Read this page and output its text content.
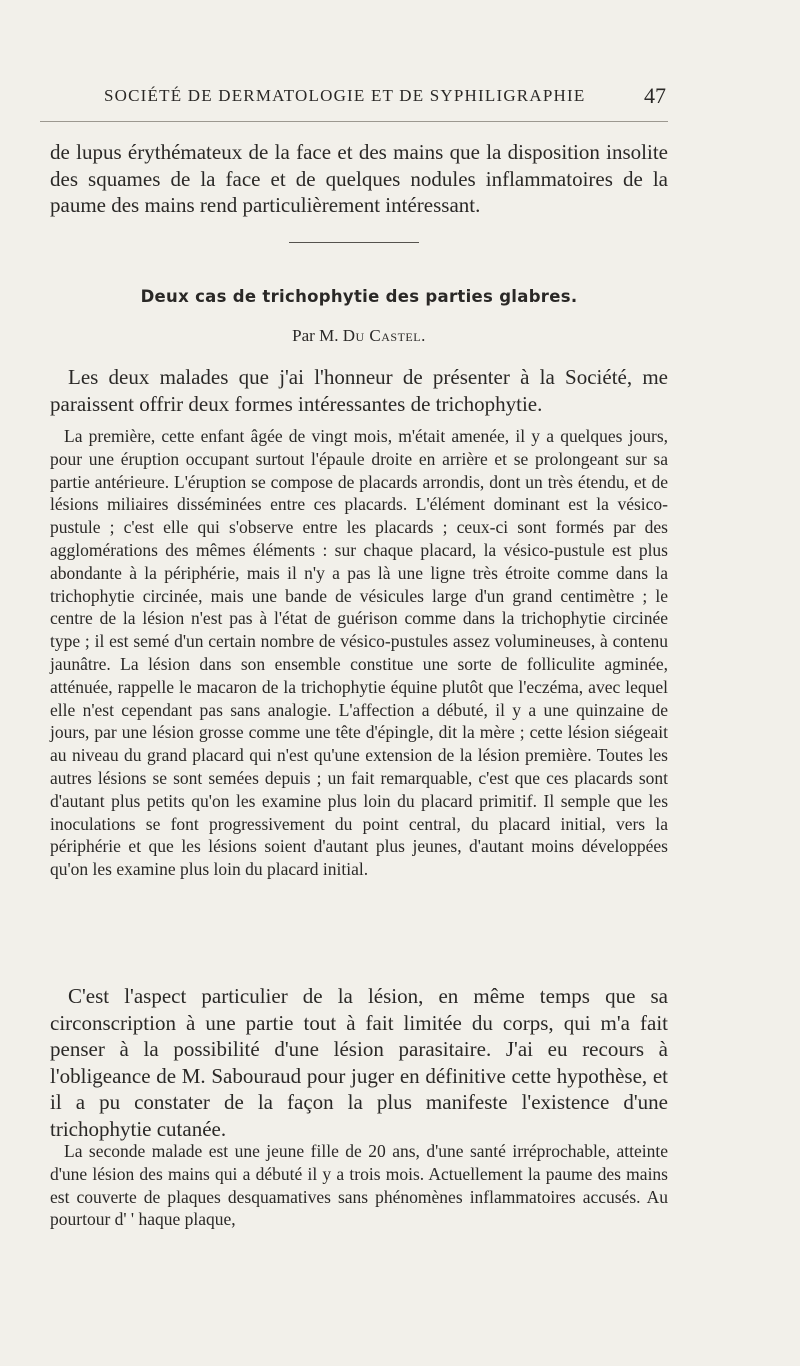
SOCIÉTÉ DE DERMATOLOGIE ET DE SYPHILIGRAPHIE	47

de lupus érythémateux de la face et des mains que la disposition insolite des squames de la face et de quelques nodules inflammatoires de la paume des mains rend particulièrement intéressant.

Deux cas de trichophytie des parties glabres.
Par M. Du Castel.

Les deux malades que j'ai l'honneur de présenter à la Société, me paraissent offrir deux formes intéressantes de trichophytie.

La première, cette enfant âgée de vingt mois, m'était amenée, il y a quelques jours, pour une éruption occupant surtout l'épaule droite en arrière et se prolongeant sur sa partie antérieure. L'éruption se compose de placards arrondis, dont un très étendu, et de lésions miliaires disséminées entre ces placards. L'élément dominant est la vésico-pustule ; c'est elle qui s'observe entre les placards ; ceux-ci sont formés par des agglomérations des mêmes éléments : sur chaque placard, la vésico-pustule est plus abondante à la périphérie, mais il n'y a pas là une ligne très étroite comme dans la trichophytie circinée, mais une bande de vésicules large d'un grand centimètre ; le centre de la lésion n'est pas à l'état de guérison comme dans la trichophytie circinée type ; il est semé d'un certain nombre de vésico-pustules assez volumineuses, à contenu jaunâtre. La lésion dans son ensemble constitue une sorte de folliculite agminée, atténuée, rappelle le macaron de la trichophytie équine plutôt que l'eczéma, avec lequel elle n'est cependant pas sans analogie. L'affection a débuté, il y a une quinzaine de jours, par une lésion grosse comme une tête d'épingle, dit la mère ; cette lésion siégeait au niveau du grand placard qui n'est qu'une extension de la lésion première. Toutes les autres lésions se sont semées depuis ; un fait remarquable, c'est que ces placards sont d'autant plus petits qu'on les examine plus loin du placard primitif. Il semple que les inoculations se font progressivement du point central, du placard initial, vers la périphérie et que les lésions soient d'autant plus jeunes, d'autant moins développées qu'on les examine plus loin du placard initial.

C'est l'aspect particulier de la lésion, en même temps que sa circonscription à une partie tout à fait limitée du corps, qui m'a fait penser à la possibilité d'une lésion parasitaire. J'ai eu recours à l'obligeance de M. Sabouraud pour juger en définitive cette hypothèse, et il a pu constater de la façon la plus manifeste l'existence d'une trichophytie cutanée.

La seconde malade est une jeune fille de 20 ans, d'une santé irréprochable, atteinte d'une lésion des mains qui a débuté il y a trois mois. Actuellement la paume des mains est couverte de plaques desquamatives sans phénomènes inflammatoires accusés. Au pourtour d' ' haque plaque,
